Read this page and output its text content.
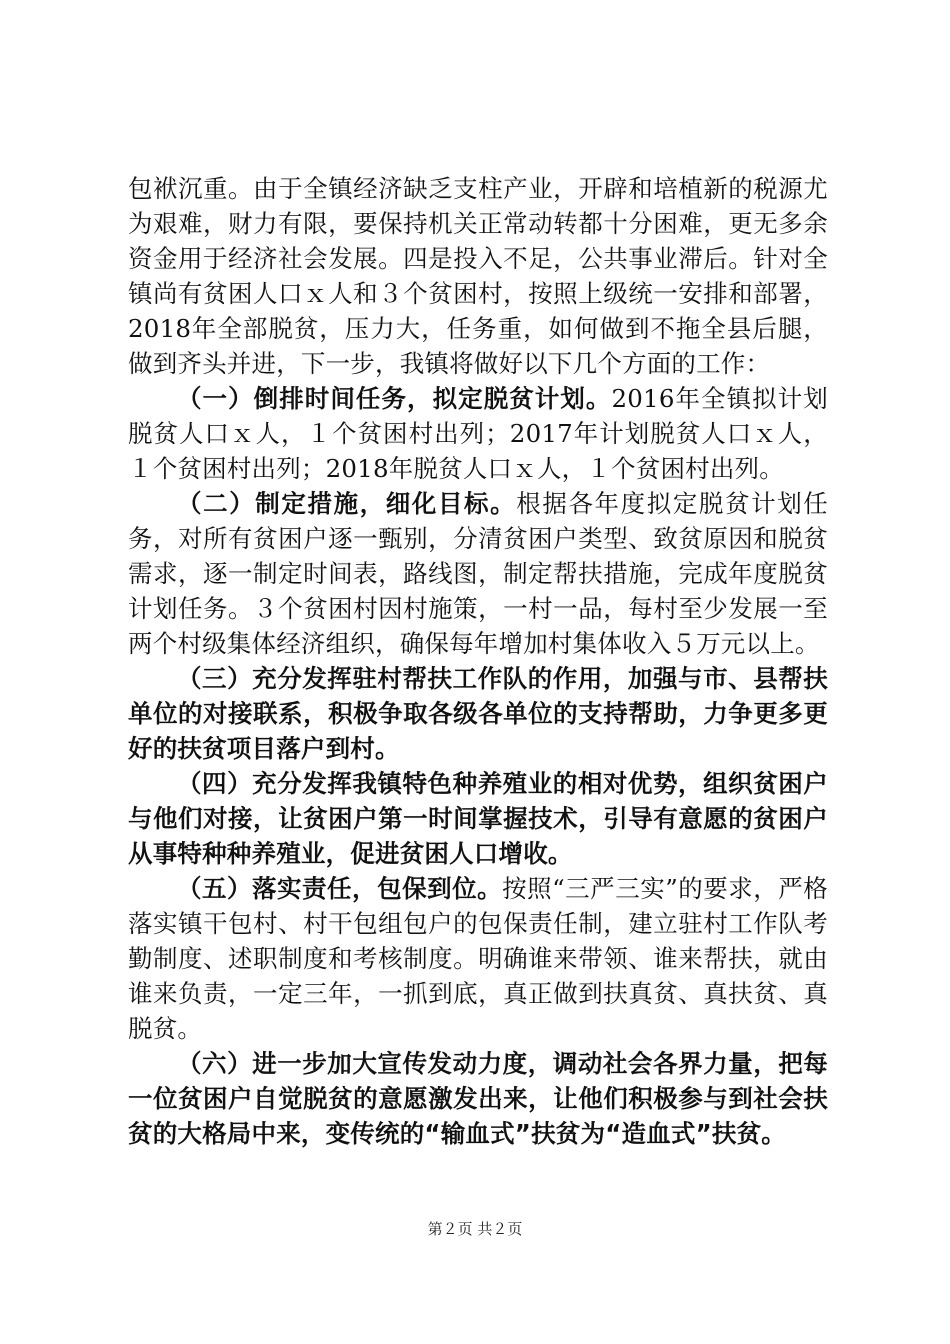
包袱沉重。由于全镇经济缺乏支柱产业，开辟和培植新的税源尤为艰难，财力有限，要保持机关正常动转都十分困难，更无多余资金用于经济社会发展。四是投入不足，公共事业滞后。针对全镇尚有贫困人口ｘ人和３个贫困村，按照上级统一安排和部署，2018年全部脱贫，压力大，任务重，如何做到不拖全县后腿，做到齐头并进，下一步，我镇将做好以下几个方面的工作：

（一）倒排时间任务，拟定脱贫计划。2016年全镇拟计划脱贫人口ｘ人，１个贫困村出列；2017年计划脱贫人口ｘ人，１个贫困村出列；2018年脱贫人口ｘ人，１个贫困村出列。

（二）制定措施，细化目标。根据各年度拟定脱贫计划任务，对所有贫困户逐一甄别，分清贫困户类型、致贫原因和脱贫需求，逐一制定时间表，路线图，制定帮扶措施，完成年度脱贫计划任务。３个贫困村因村施策，一村一品，每村至少发展一至两个村级集体经济组织，确保每年增加村集体收入５万元以上。

（三）充分发挥驻村帮扶工作队的作用，加强与市、县帮扶单位的对接联系，积极争取各级各单位的支持帮助，力争更多更好的扶贫项目落户到村。

（四）充分发挥我镇特色种养殖业的相对优势，组织贫困户与他们对接，让贫困户第一时间掌握技术，引导有意愿的贫困户从事特种种养殖业，促进贫困人口增收。

（五）落实责任，包保到位。按照“三严三实”的要求，严格落实镇干包村、村干包组包户的包保责任制，建立驻村工作队考勤制度、述职制度和考核制度。明确谁来带领、谁来帮扶，就由谁来负责，一定三年，一抓到底，真正做到扶真贫、真扶贫、真脱贫。

（六）进一步加大宣传发动力度，调动社会各界力量，把每一位贫困户自觉脱贫的意愿激发出来，让他们积极参与到社会扶贫的大格局中来，变传统的“输血式”扶贫为“造血式”扶贫。

第２页 共２页
